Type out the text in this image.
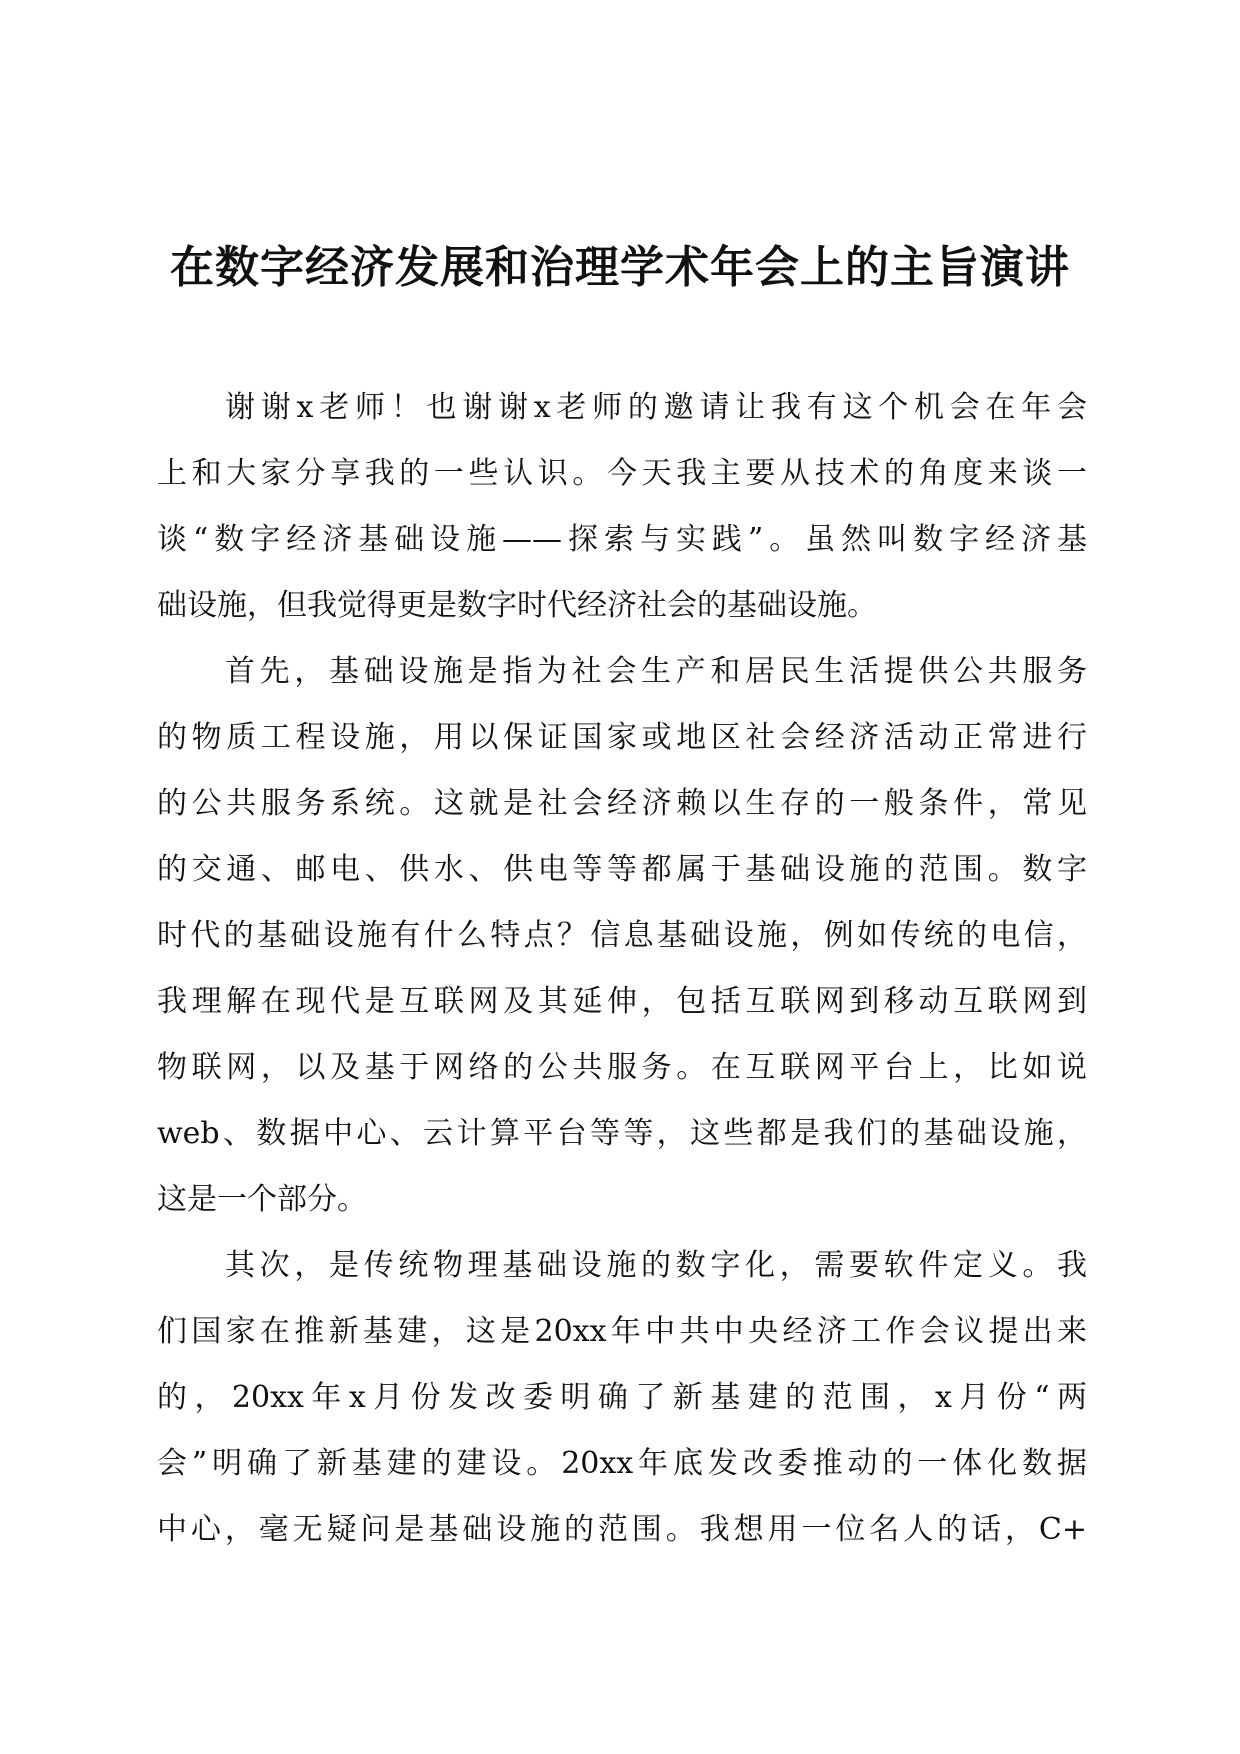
在数字经济发展和治理学术年会上的主旨演讲
谢谢x老师！也谢谢x老师的邀请让我有这个机会在年会
上和大家分享我的一些认识。今天我主要从技术的角度来谈一
谈“数字经济基础设施——探索与实践”。虽然叫数字经济基
础设施，但我觉得更是数字时代经济社会的基础设施。
首先，基础设施是指为社会生产和居民生活提供公共服务
的物质工程设施，用以保证国家或地区社会经济活动正常进行
的公共服务系统。这就是社会经济赖以生存的一般条件，常见
的交通、邮电、供水、供电等等都属于基础设施的范围。数字
时代的基础设施有什么特点？信息基础设施，例如传统的电信，
我理解在现代是互联网及其延伸，包括互联网到移动互联网到
物联网，以及基于网络的公共服务。在互联网平台上，比如说
web、数据中心、云计算平台等等，这些都是我们的基础设施，
这是一个部分。
其次，是传统物理基础设施的数字化，需要软件定义。我
们国家在推新基建，这是20xx年中共中央经济工作会议提出来
的，20xx年x月份发改委明确了新基建的范围，x月份“两
会”明确了新基建的建设。20xx年底发改委推动的一体化数据
中心，毫无疑问是基础设施的范围。我想用一位名人的话，C+
